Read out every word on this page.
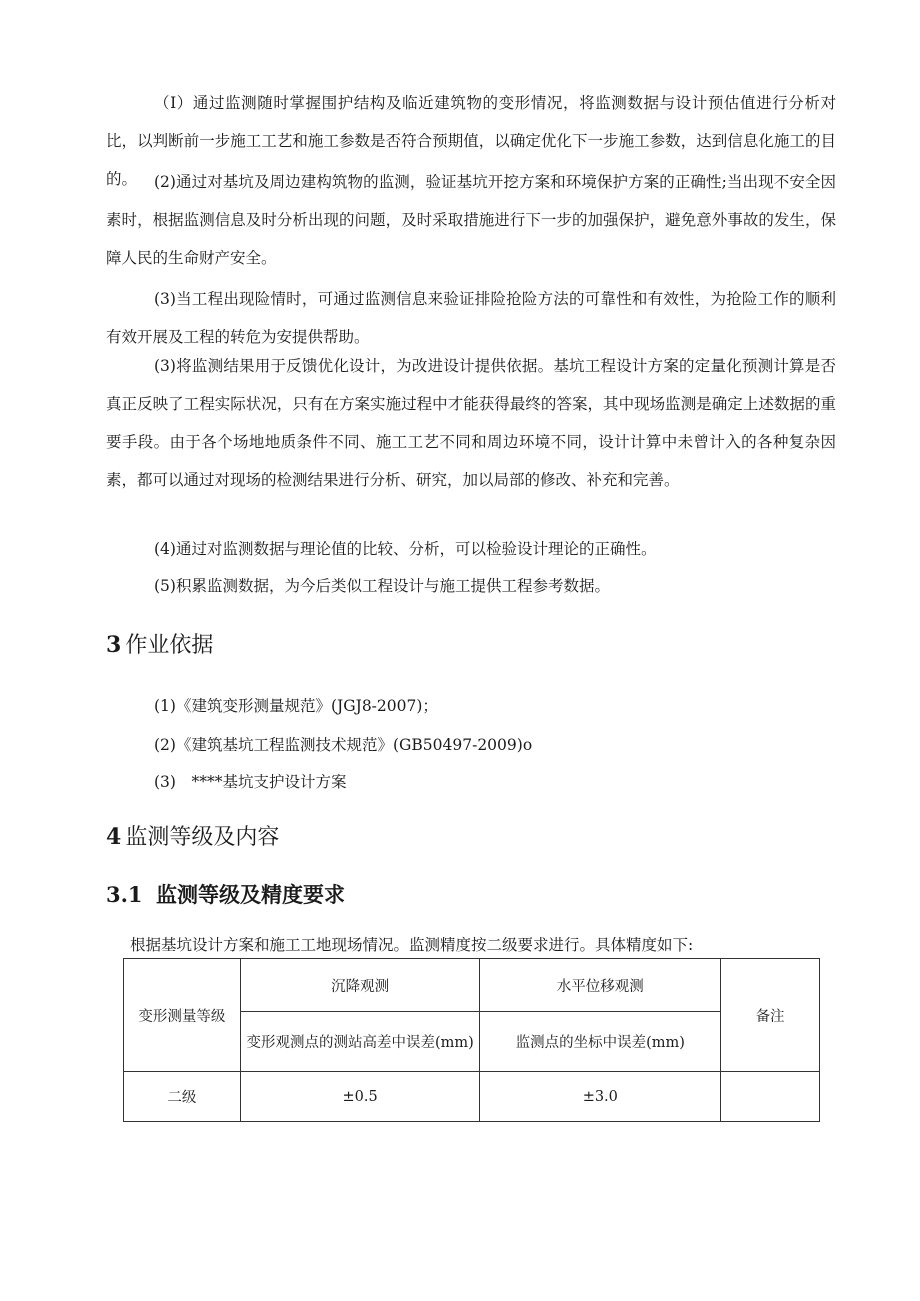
（I）通过监测随时掌握围护结构及临近建筑物的变形情况，将监测数据与设计预估值进行分析对比，以判断前一步施工工艺和施工参数是否符合预期值，以确定优化下一步施工参数，达到信息化施工的目的。	(2)通过对基坑及周边建构筑物的监测，验证基坑开挖方案和环境保护方案的正确性;当出现不安全因素时，根据监测信息及时分析出现的问题，及时采取措施进行下一步的加强保护，避免意外事故的发生，保障人民的生命财产安全。

(3)当工程出现险情时，可通过监测信息来验证排险抢险方法的可靠性和有效性，为抢险工作的顺利有效开展及工程的转危为安提供帮助。

(3)将监测结果用于反馈优化设计，为改进设计提供依据。基坑工程设计方案的定量化预测计算是否真正反映了工程实际状况，只有在方案实施过程中才能获得最终的答案，其中现场监测是确定上述数据的重要手段。由于各个场地地质条件不同、施工工艺不同和周边环境不同，设计计算中未曾计入的各种复杂因素，都可以通过对现场的检测结果进行分析、研究，加以局部的修改、补充和完善。

(4)通过对监测数据与理论值的比较、分析，可以检验设计理论的正确性。

(5)积累监测数据，为今后类似工程设计与施工提供工程参考数据。

3 作业依据

(1)《建筑变形测量规范》(JGJ8-2007)；

(2)《建筑基坑工程监测技术规范》(GB50497-2009)o

(3)　****基坑支护设计方案

4 监测等级及内容
3.1 监测等级及精度要求

根据基坑设计方案和施工工地现场情况。监测精度按二级要求进行。具体精度如下:

变形测量等级	沉降观测	水平位移观测	备注
	变形观测点的测站高差中误差(mm)	监测点的坐标中误差(mm)	
二级	±0.5	±3.0	
